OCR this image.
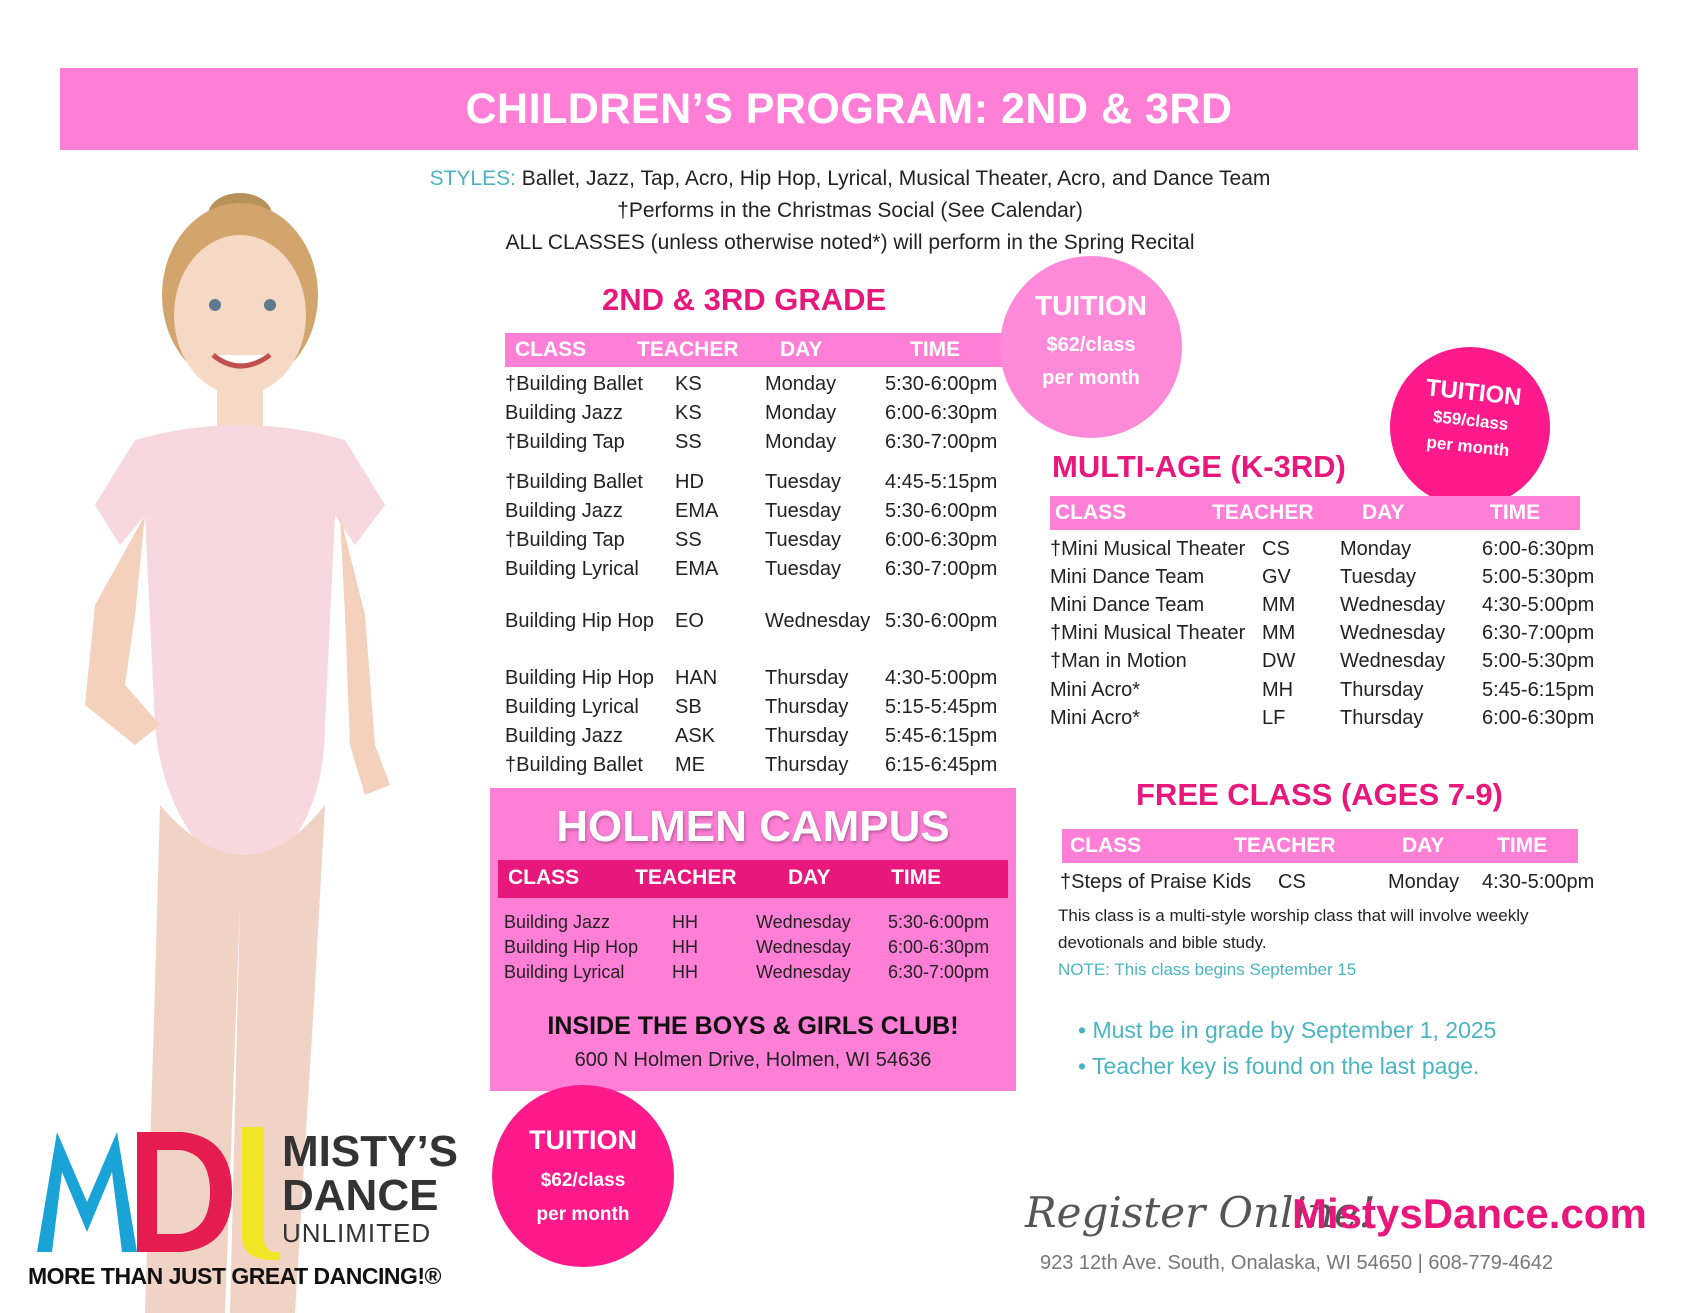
CHILDREN’S PROGRAM: 2ND & 3RD
STYLES: Ballet, Jazz, Tap, Acro, Hip Hop, Lyrical, Musical Theater, Acro, and Dance Team
†Performs in the Christmas Social (See Calendar)
ALL CLASSES (unless otherwise noted*) will perform in the Spring Recital
2ND & 3RD GRADE
CLASS TEACHER DAY	TIME
†Building Ballet KS	Monday 5:30-6:00pm
Building Jazz	KS	Monday 6:00-6:30pm
†Building Tap	SS	Monday 6:30-7:00pm
†Building Ballet HD	Tuesday 4:45-5:15pm
Building Jazz	EMA Tuesday 5:30-6:00pm
†Building Tap	SS	Tuesday 6:00-6:30pm
Building Lyrical EMA Tuesday 6:30-7:00pm
Building Hip Hop EO	Wednesday 5:30-6:00pm
Building Hip Hop HAN Thursday 4:30-5:00pm
Building Lyrical SB	Thursday 5:15-5:45pm
Building Jazz	ASK Thursday 5:45-6:15pm
†Building Ballet ME	Thursday 6:15-6:45pm
TUITION
$62/class
per month	TUITION
$59/class
per month
MULTI-AGE (K-3RD)
CLASS	TEACHER DAY	TIME
†Mini Musical Theater CS	Monday	6:00-6:30pm
Mini Dance Team	GV Tuesday	5:00-5:30pm
Mini Dance Team	MM Wednesday 4:30-5:00pm
†Mini Musical Theater MM Wednesday 6:30-7:00pm
†Man in Motion	DW Wednesday 5:00-5:30pm
Mini Acro*	MH Thursday	5:45-6:15pm
Mini Acro*	LF	Thursday	6:00-6:30pm
FREE CLASS (AGES 7-9)
CLASS	TEACHER	DAY	TIME
†Steps of Praise Kids CS	Monday 4:30-5:00pm
This class is a multi-style worship class that will involve weekly
devotionals and bible study.
NOTE: This class begins September 15
• Must be in grade by September 1, 2025
• Teacher key is found on the last page.
HOLMEN CAMPUS
CLASS	TEACHER DAY	TIME
Building Jazz	HH	Wednesday 5:30-6:00pm
Building Hip Hop HH	Wednesday 6:00-6:30pm
Building Lyrical	HH	Wednesday 6:30-7:00pm
INSIDE THE BOYS & GIRLS CLUB!
600 N Holmen Drive, Holmen, WI 54636
TUITION
$62/class
per month
MISTY’S
DANCE
UNLIMITED
MORE THAN JUST GREAT DANCING!®
Register Online!
MistysDance.com
923 12th Ave. South, Onalaska, WI 54650 | 608-779-4642
